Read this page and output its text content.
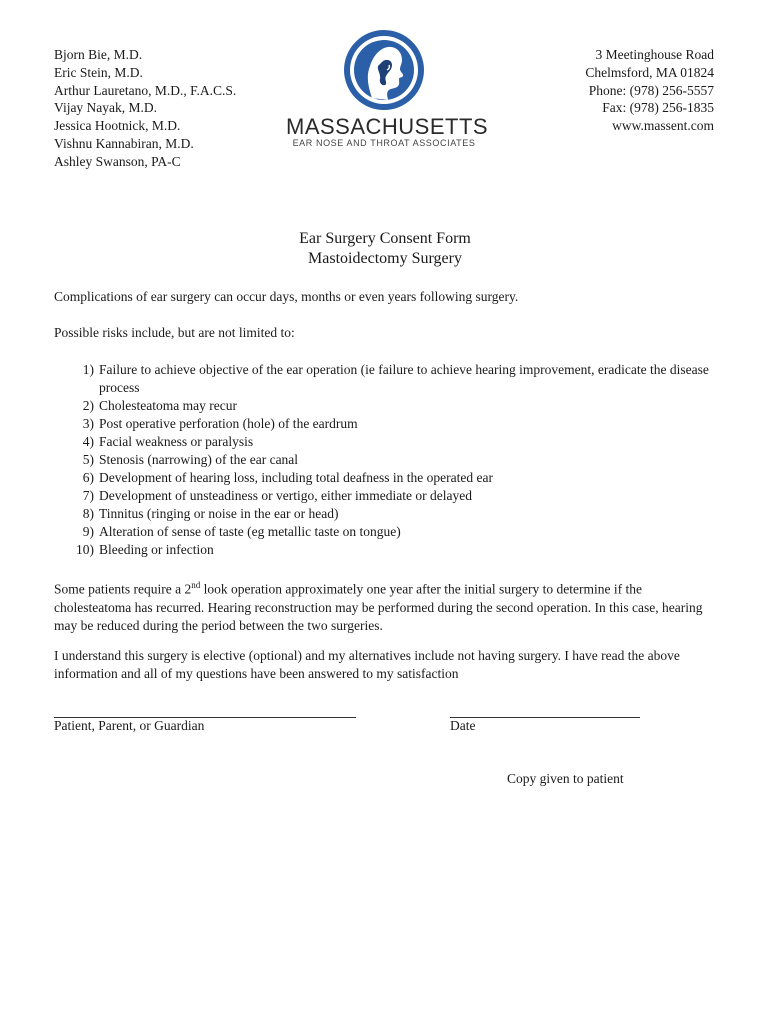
Bjorn Bie, M.D.
Eric Stein, M.D.
Arthur Lauretano, M.D., F.A.C.S.
Vijay Nayak, M.D.
Jessica Hootnick, M.D.
Vishnu Kannabiran, M.D.
Ashley Swanson, PA-C
MASSACHUSETTS
EAR NOSE AND THROAT ASSOCIATES
3 Meetinghouse Road
Chelmsford, MA 01824
Phone: (978) 256-5557
Fax: (978) 256-1835
www.massent.com
Ear Surgery Consent Form
Mastoidectomy Surgery
Complications of ear surgery can occur days, months or even years following surgery.
Possible risks include, but are not limited to:
1) Failure to achieve objective of the ear operation (ie failure to achieve hearing improvement, eradicate the disease process
2) Cholesteatoma may recur
3) Post operative perforation (hole) of the eardrum
4) Facial weakness or paralysis
5) Stenosis (narrowing) of the ear canal
6) Development of hearing loss, including total deafness in the operated ear
7) Development of unsteadiness or vertigo, either immediate or delayed
8) Tinnitus (ringing or noise in the ear or head)
9) Alteration of sense of taste (eg metallic taste on tongue)
10) Bleeding or infection
Some patients require a 2nd look operation approximately one year after the initial surgery to determine if the cholesteatoma has recurred. Hearing reconstruction may be performed during the second operation. In this case, hearing may be reduced during the period between the two surgeries.
I understand this surgery is elective (optional) and my alternatives include not having surgery. I have read the above information and all of my questions have been answered to my satisfaction
Patient, Parent, or Guardian	Date
Copy given to patient
